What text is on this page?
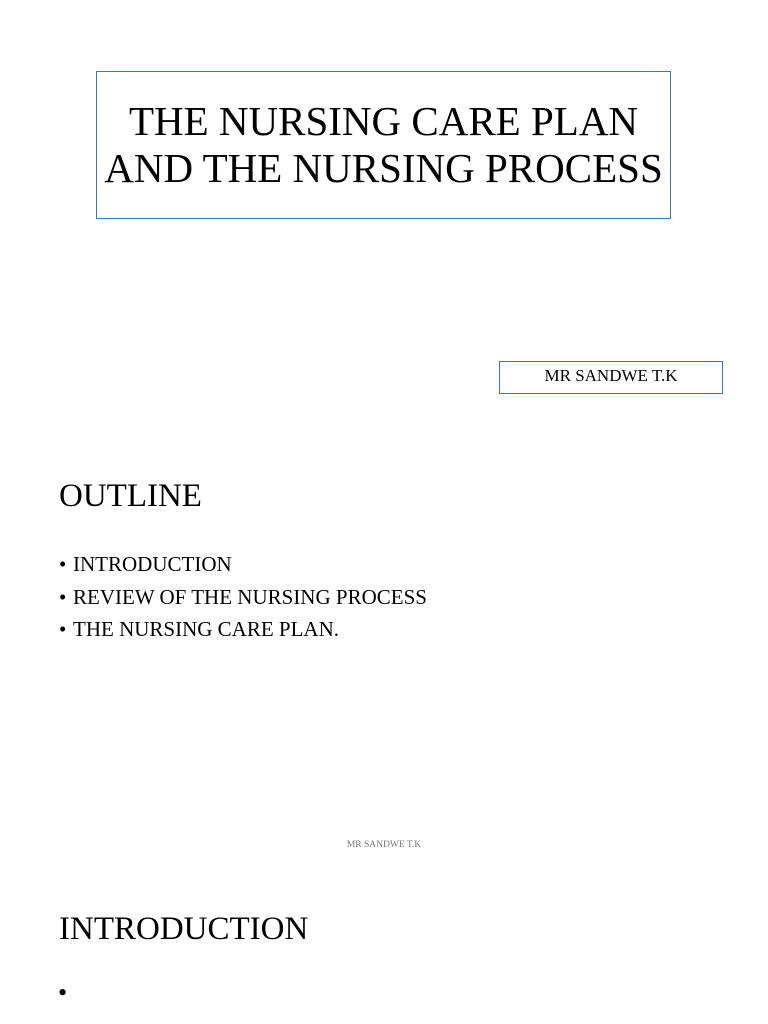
THE NURSING CARE PLAN AND THE NURSING PROCESS
MR SANDWE T.K
OUTLINE
• INTRODUCTION
• REVIEW OF THE NURSING PROCESS
• THE NURSING CARE PLAN.
MR SANDWE T.K
INTRODUCTION
•
